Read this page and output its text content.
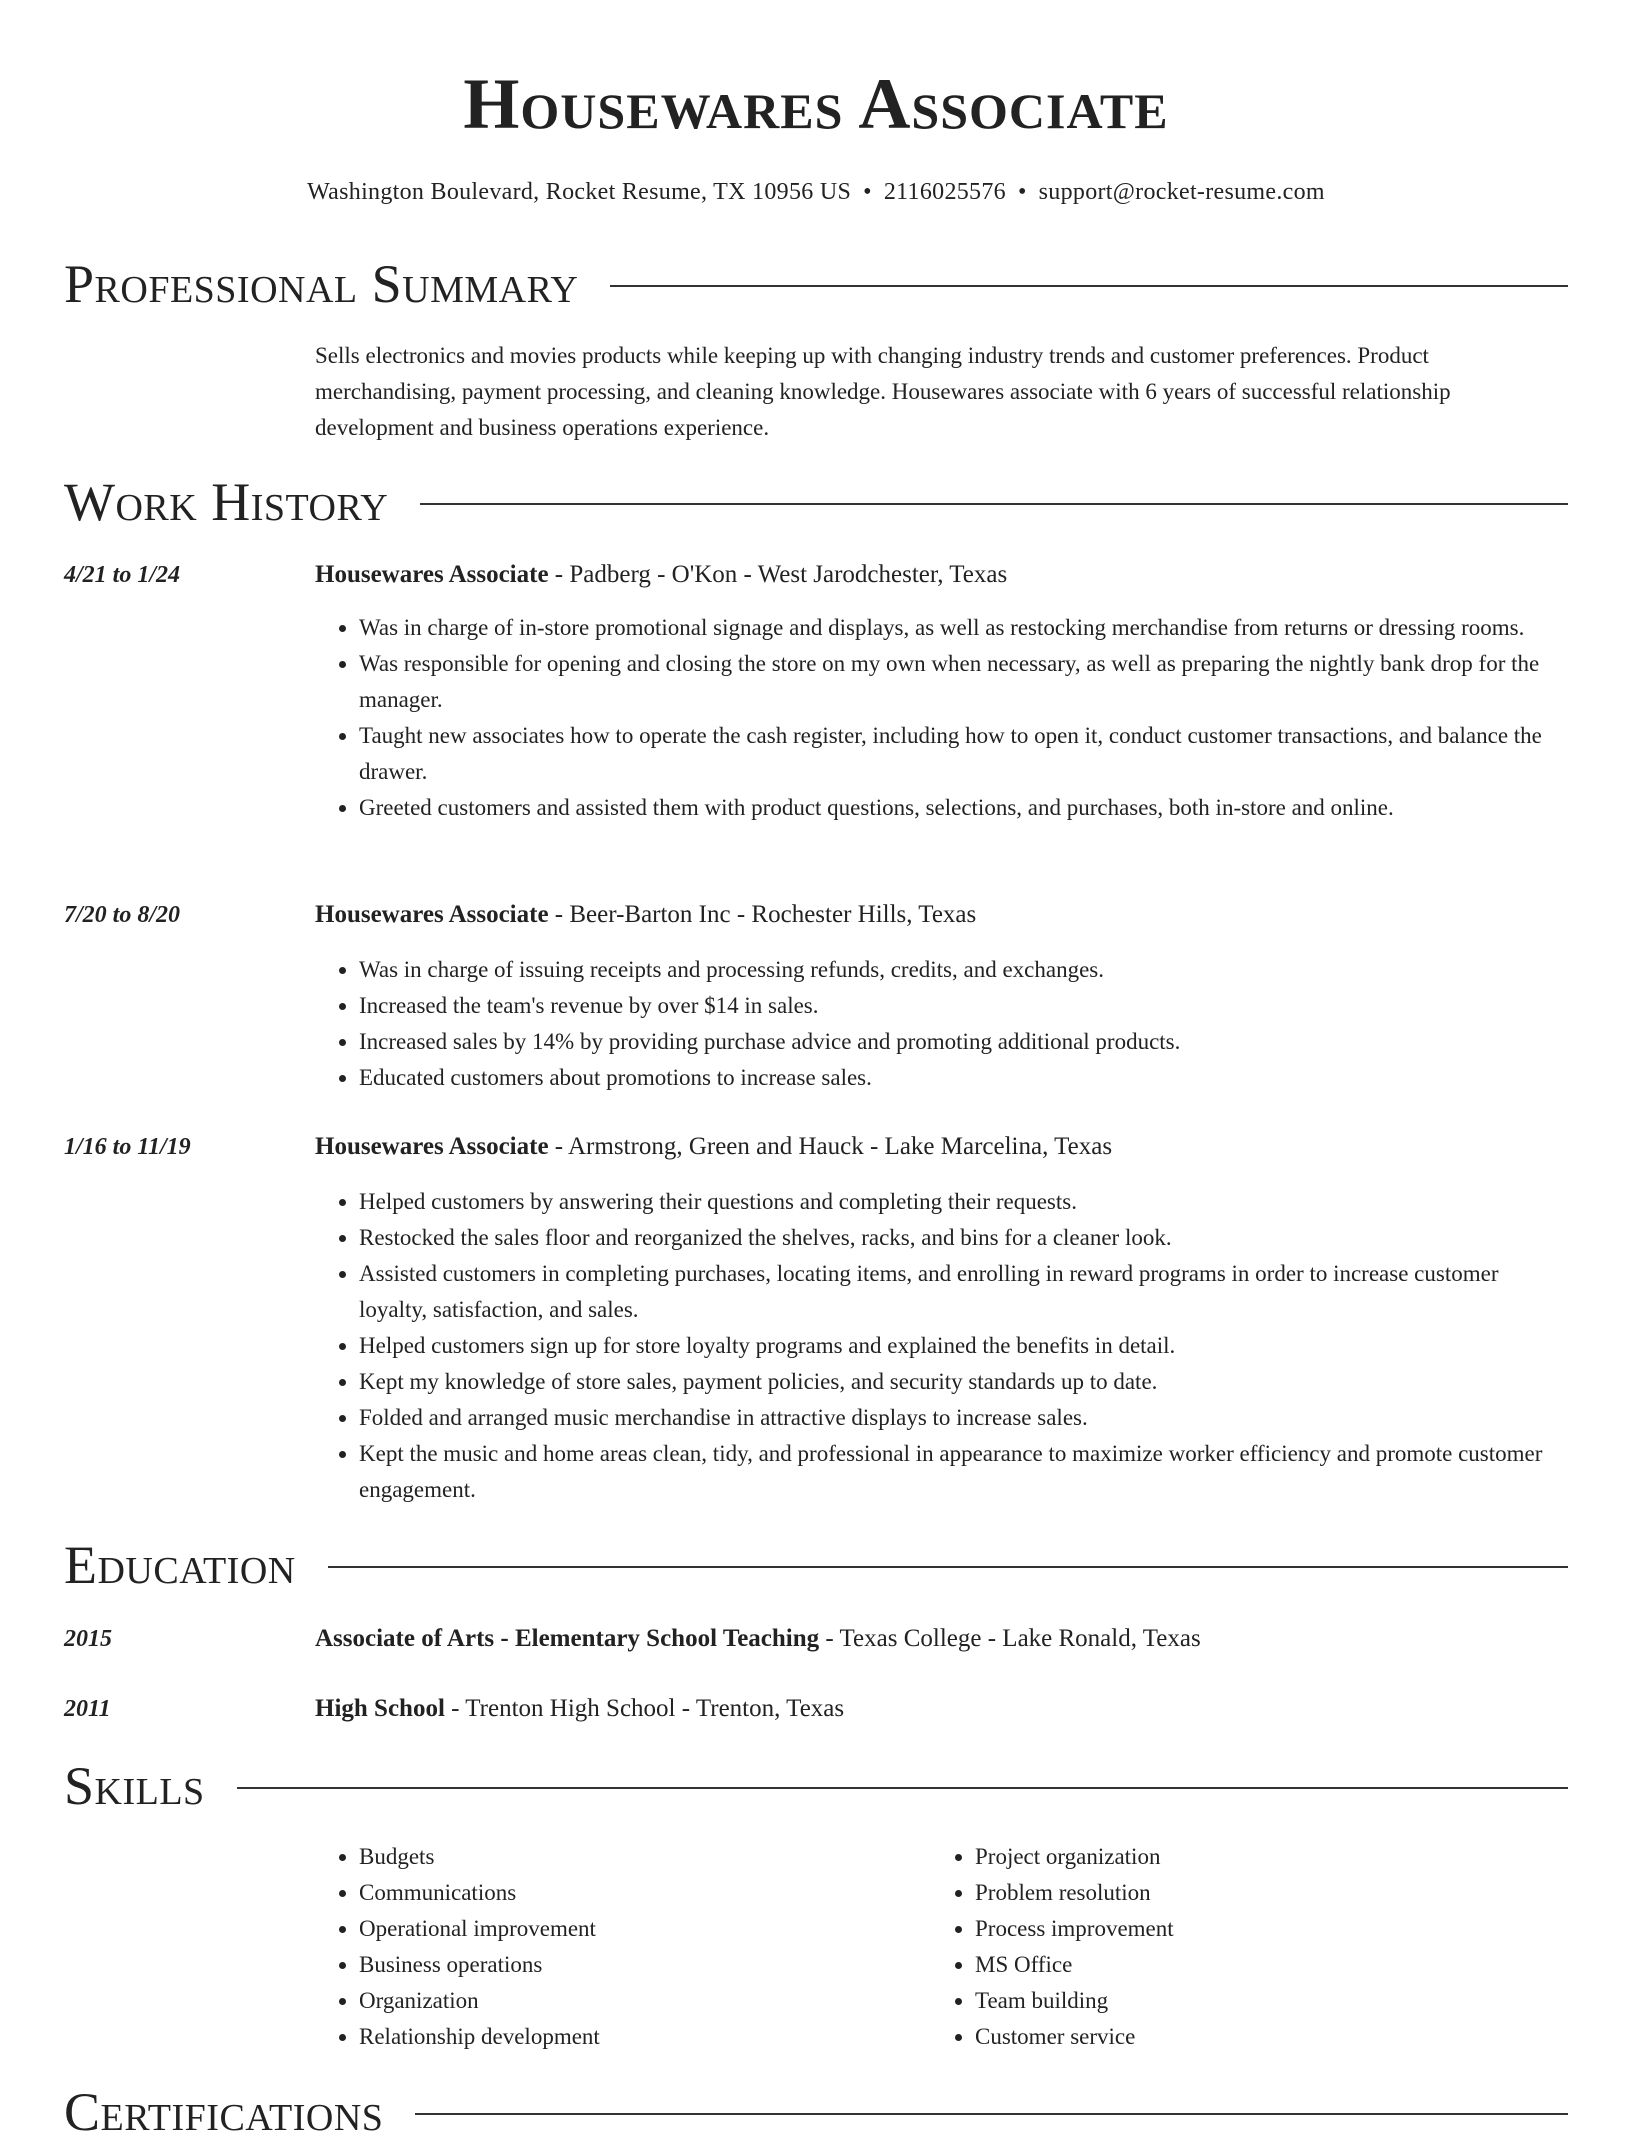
Housewares Associate
Washington Boulevard, Rocket Resume, TX 10956 US • 2116025576 • support@rocket-resume.com
Professional Summary
Sells electronics and movies products while keeping up with changing industry trends and customer preferences. Product merchandising, payment processing, and cleaning knowledge. Housewares associate with 6 years of successful relationship development and business operations experience.
Work History
4/21 to 1/24	Housewares Associate - Padberg - O'Kon - West Jarodchester, Texas
• Was in charge of in-store promotional signage and displays, as well as restocking merchandise from returns or dressing rooms.
• Was responsible for opening and closing the store on my own when necessary, as well as preparing the nightly bank drop for the manager.
• Taught new associates how to operate the cash register, including how to open it, conduct customer transactions, and balance the drawer.
• Greeted customers and assisted them with product questions, selections, and purchases, both in-store and online.
7/20 to 8/20	Housewares Associate - Beer-Barton Inc - Rochester Hills, Texas
• Was in charge of issuing receipts and processing refunds, credits, and exchanges.
• Increased the team's revenue by over $14 in sales.
• Increased sales by 14% by providing purchase advice and promoting additional products.
• Educated customers about promotions to increase sales.
1/16 to 11/19	Housewares Associate - Armstrong, Green and Hauck - Lake Marcelina, Texas
• Helped customers by answering their questions and completing their requests.
• Restocked the sales floor and reorganized the shelves, racks, and bins for a cleaner look.
• Assisted customers in completing purchases, locating items, and enrolling in reward programs in order to increase customer loyalty, satisfaction, and sales.
• Helped customers sign up for store loyalty programs and explained the benefits in detail.
• Kept my knowledge of store sales, payment policies, and security standards up to date.
• Folded and arranged music merchandise in attractive displays to increase sales.
• Kept the music and home areas clean, tidy, and professional in appearance to maximize worker efficiency and promote customer engagement.
Education
2015	Associate of Arts - Elementary School Teaching - Texas College - Lake Ronald, Texas
2011	High School - Trenton High School - Trenton, Texas
Skills
• Budgets
• Communications
• Operational improvement
• Business operations
• Organization
• Relationship development
• Project organization
• Problem resolution
• Process improvement
• MS Office
• Team building
• Customer service
Certifications
